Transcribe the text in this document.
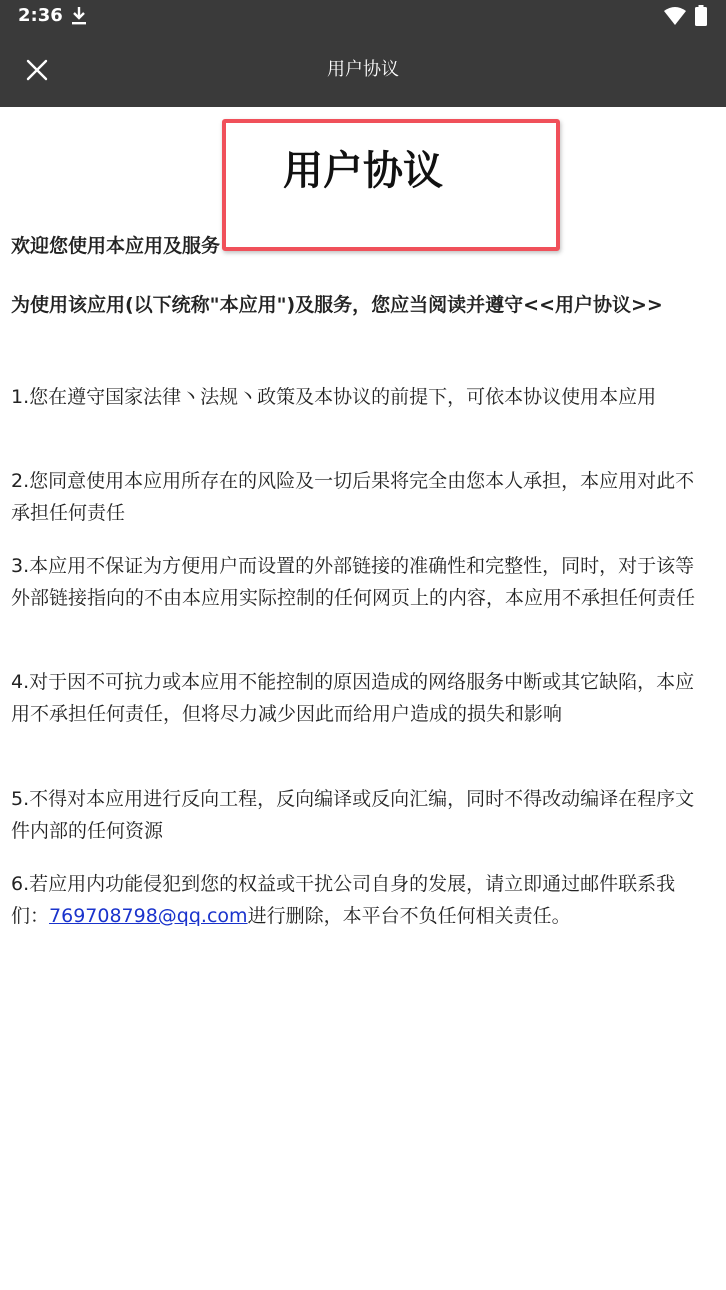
2:36
用户协议
用户协议

欢迎您使用本应用及服务

为使用该应用(以下统称"本应用")及服务，您应当阅读并遵守<<用户协议>>

1.您在遵守国家法律丶法规丶政策及本协议的前提下，可依本协议使用本应用

2.您同意使用本应用所存在的风险及一切后果将完全由您本人承担，本应用对此不承担任何责任

3.本应用不保证为方便用户而设置的外部链接的准确性和完整性，同时，对于该等外部链接指向的不由本应用实际控制的任何网页上的内容，本应用不承担任何责任

4.对于因不可抗力或本应用不能控制的原因造成的网络服务中断或其它缺陷，本应用不承担任何责任，但将尽力减少因此而给用户造成的损失和影响

5.不得对本应用进行反向工程，反向编译或反向汇编，同时不得改动编译在程序文件内部的任何资源

6.若应用内功能侵犯到您的权益或干扰公司自身的发展，请立即通过邮件联系我们：769708798@qq.com进行删除，本平台不负任何相关责任。
